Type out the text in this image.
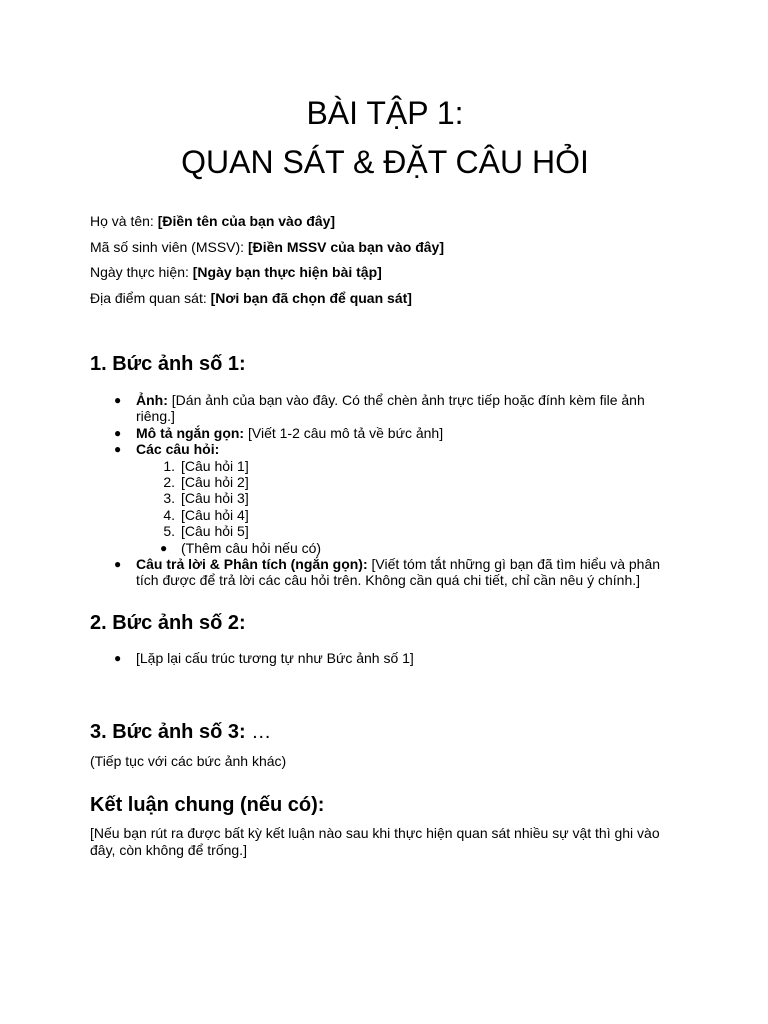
BÀI TẬP 1:
QUAN SÁT & ĐẶT CÂU HỎI
Họ và tên: [Điền tên của bạn vào đây]
Mã số sinh viên (MSSV): [Điền MSSV của bạn vào đây]
Ngày thực hiện: [Ngày bạn thực hiện bài tập]
Địa điểm quan sát: [Nơi bạn đã chọn để quan sát]
1. Bức ảnh số 1:
● Ảnh: [Dán ảnh của bạn vào đây. Có thể chèn ảnh trực tiếp hoặc đính kèm file ảnh riêng.]
● Mô tả ngắn gọn: [Viết 1-2 câu mô tả về bức ảnh]
● Các câu hỏi:
1. [Câu hỏi 1]
2. [Câu hỏi 2]
3. [Câu hỏi 3]
4. [Câu hỏi 4]
5. [Câu hỏi 5]
● (Thêm câu hỏi nếu có)
● Câu trả lời & Phân tích (ngắn gọn): [Viết tóm tắt những gì bạn đã tìm hiểu và phân tích được để trả lời các câu hỏi trên. Không cần quá chi tiết, chỉ cần nêu ý chính.]
2. Bức ảnh số 2:
● [Lặp lại cấu trúc tương tự như Bức ảnh số 1]
3. Bức ảnh số 3: …
(Tiếp tục với các bức ảnh khác)
Kết luận chung (nếu có):
[Nếu bạn rút ra được bất kỳ kết luận nào sau khi thực hiện quan sát nhiều sự vật thì ghi vào đây, còn không để trống.]
